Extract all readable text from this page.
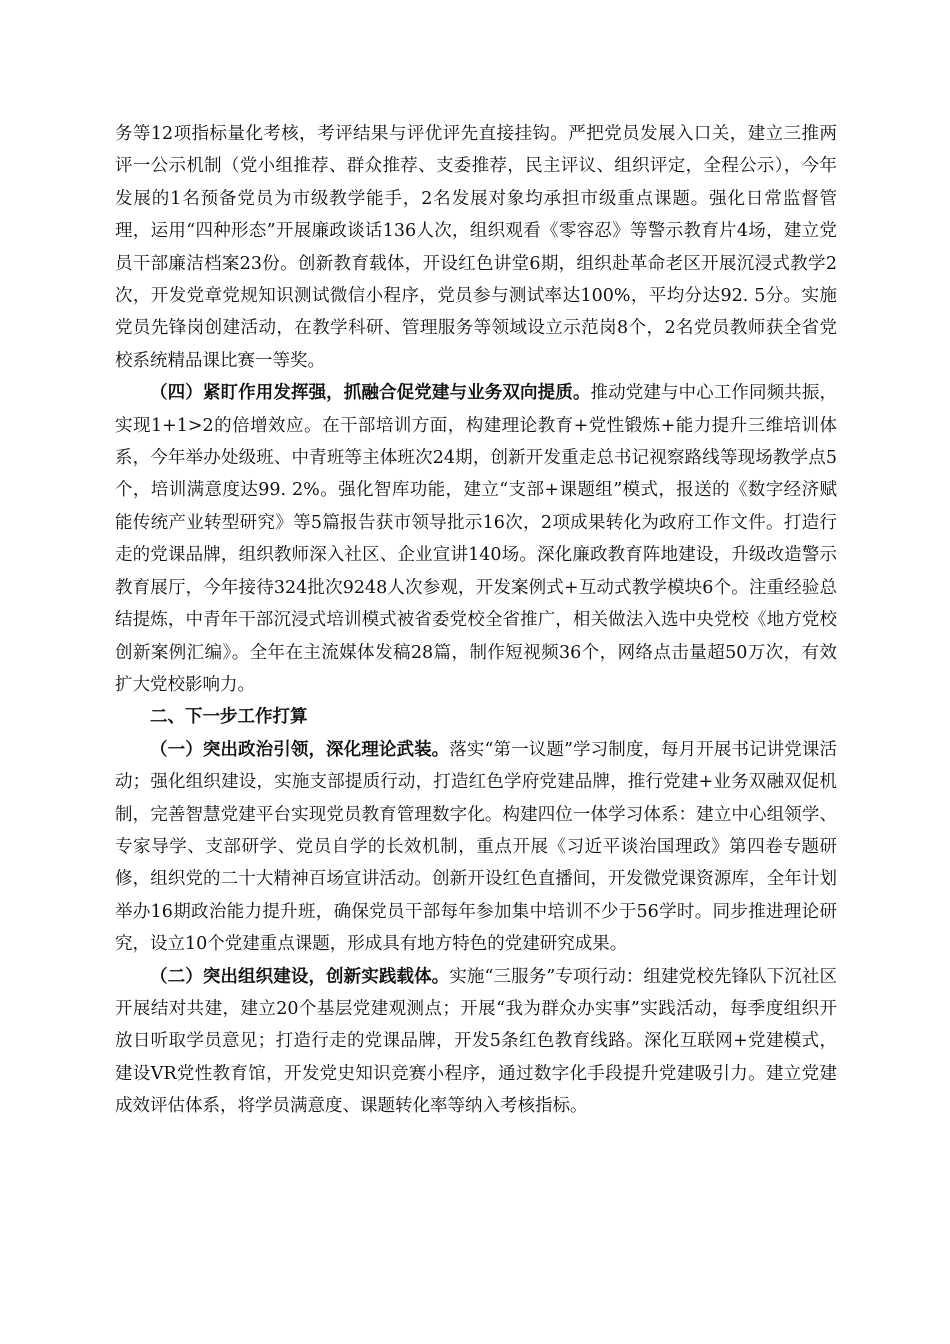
务等12项指标量化考核，考评结果与评优评先直接挂钩。严把党员发展入口关，建立三推两评一公示机制（党小组推荐、群众推荐、支委推荐，民主评议、组织评定，全程公示），今年发展的1名预备党员为市级教学能手，2名发展对象均承担市级重点课题。强化日常监督管理，运用“四种形态”开展廉政谈话136人次，组织观看《零容忍》等警示教育片4场，建立党员干部廉洁档案23份。创新教育载体，开设红色讲堂6期，组织赴革命老区开展沉浸式教学2次，开发党章党规知识测试微信小程序，党员参与测试率达100%，平均分达92. 5分。实施党员先锋岗创建活动，在教学科研、管理服务等领域设立示范岗8个，2名党员教师获全省党校系统精品课比赛一等奖。

（四）紧盯作用发挥强，抓融合促党建与业务双向提质。推动党建与中心工作同频共振，实现1+1>2的倍增效应。在干部培训方面，构建理论教育+党性锻炼+能力提升三维培训体系，今年举办处级班、中青班等主体班次24期，创新开发重走总书记视察路线等现场教学点5个，培训满意度达99. 2%。强化智库功能，建立“支部+课题组”模式，报送的《数字经济赋能传统产业转型研究》等5篇报告获市领导批示16次，2项成果转化为政府工作文件。打造行走的党课品牌，组织教师深入社区、企业宣讲140场。深化廉政教育阵地建设，升级改造警示教育展厅，今年接待324批次9248人次参观，开发案例式+互动式教学模块6个。注重经验总结提炼，中青年干部沉浸式培训模式被省委党校全省推广，相关做法入选中央党校《地方党校创新案例汇编》。全年在主流媒体发稿28篇，制作短视频36个，网络点击量超50万次，有效扩大党校影响力。

二、下一步工作打算

（一）突出政治引领，深化理论武装。落实“第一议题”学习制度，每月开展书记讲党课活动；强化组织建设，实施支部提质行动，打造红色学府党建品牌，推行党建+业务双融双促机制，完善智慧党建平台实现党员教育管理数字化。构建四位一体学习体系：建立中心组领学、专家导学、支部研学、党员自学的长效机制，重点开展《习近平谈治国理政》第四卷专题研修，组织党的二十大精神百场宣讲活动。创新开设红色直播间，开发微党课资源库，全年计划举办16期政治能力提升班，确保党员干部每年参加集中培训不少于56学时。同步推进理论研究，设立10个党建重点课题，形成具有地方特色的党建研究成果。

（二）突出组织建设，创新实践载体。实施“三服务”专项行动：组建党校先锋队下沉社区开展结对共建，建立20个基层党建观测点；开展“我为群众办实事”实践活动，每季度组织开放日听取学员意见；打造行走的党课品牌，开发5条红色教育线路。深化互联网+党建模式，建设VR党性教育馆，开发党史知识竞赛小程序，通过数字化手段提升党建吸引力。建立党建成效评估体系，将学员满意度、课题转化率等纳入考核指标。
